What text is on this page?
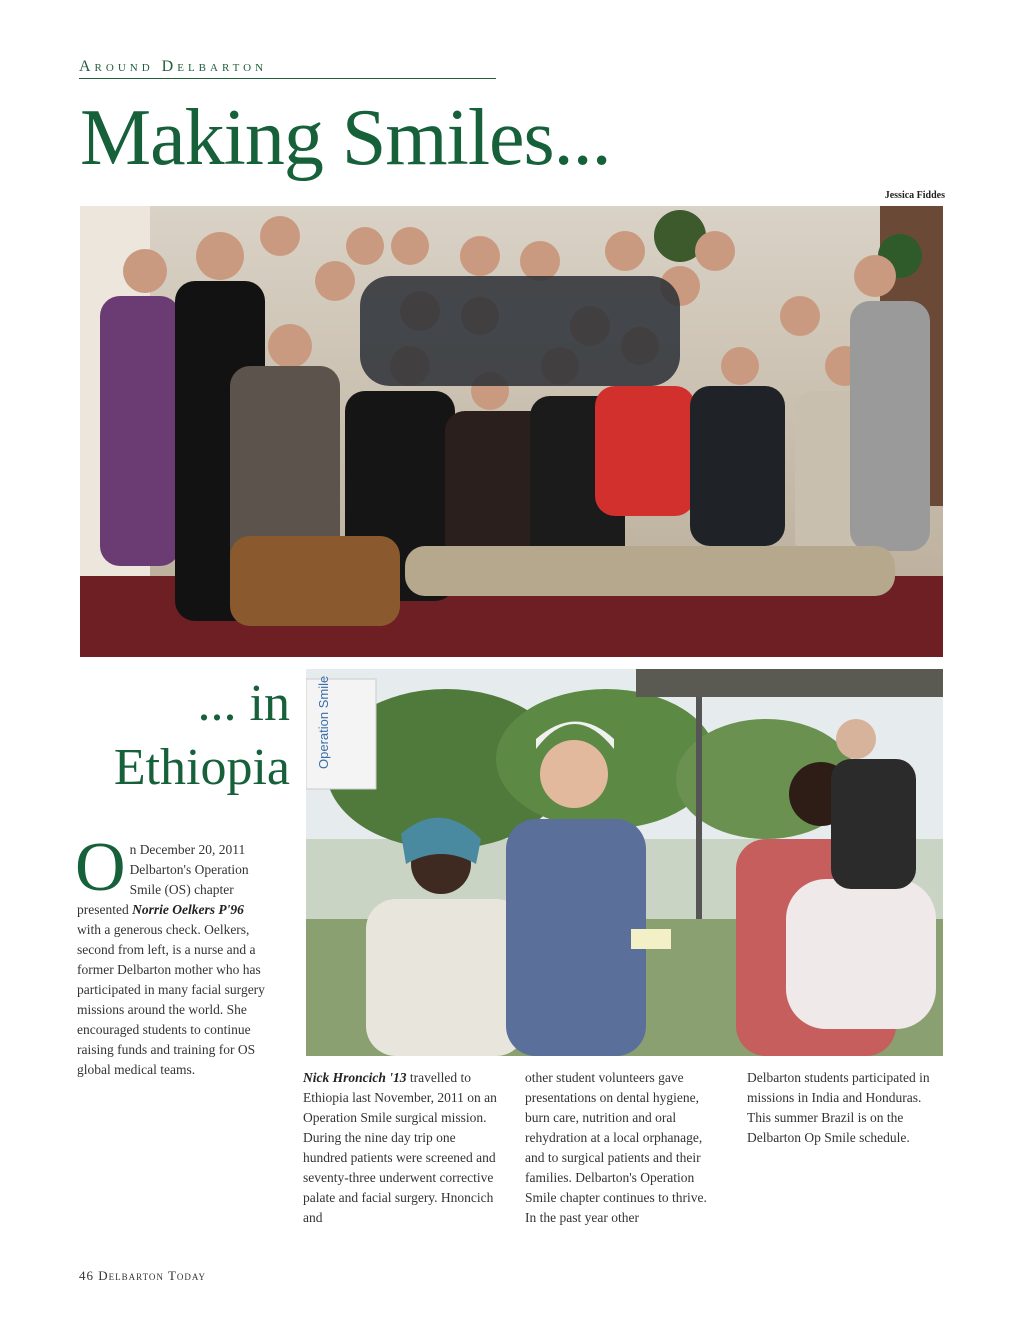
Around Delbarton
Making Smiles...
Jessica Fiddes
... in
Ethiopia Operation Smile
O n December 20, 2011 Delbarton's Operation Smile (OS) chapter presented Norrie Oelkers P'96 with a generous check. Oelkers, second from left, is a nurse and a former Delbarton mother who has participated in many facial surgery missions around the world. She encouraged students to continue raising funds and training for OS global medical teams.

Nick Hroncich '13 travelled to Ethiopia last November, 2011 on an Operation Smile surgical mission. During the nine day trip one hundred patients were screened and seventy-three underwent corrective palate and facial surgery. Hnoncich and

other student volunteers gave presentations on dental hygiene, burn care, nutrition and oral rehydration at a local orphanage, and to surgical patients and their families. Delbarton's Operation Smile chapter continues to thrive. In the past year other

Delbarton students participated in missions in India and Honduras. This summer Brazil is on the Delbarton Op Smile schedule.

46 Delbarton Today
